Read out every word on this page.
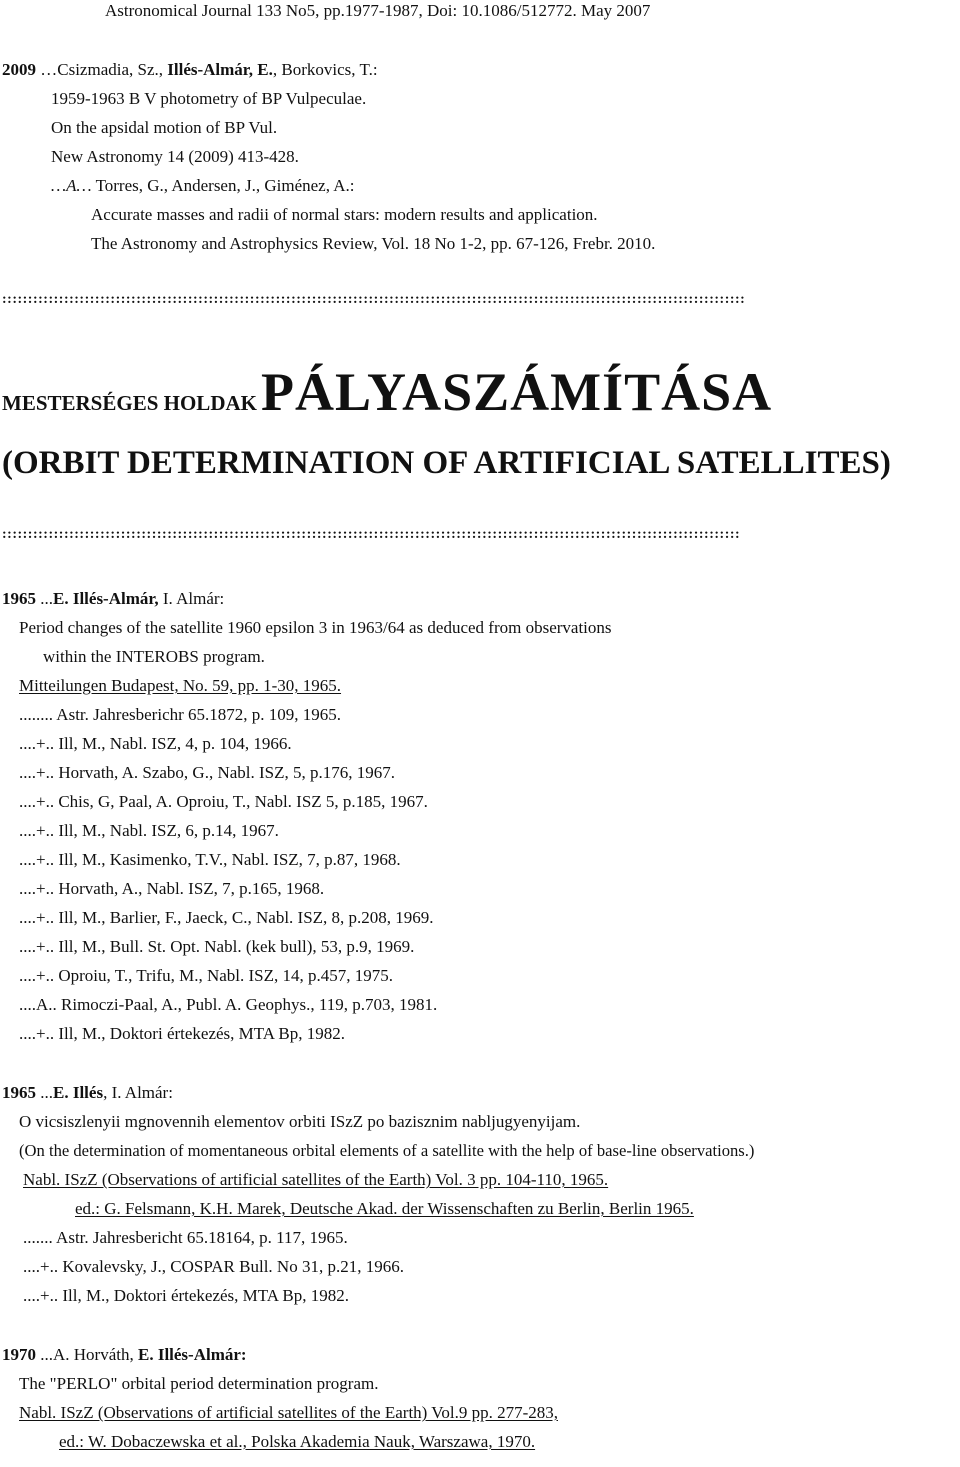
Astronomical Journal 133 No5, pp.1977-1987, Doi: 10.1086/512772. May 2007
2009 …Csizmadia, Sz., Illés-Almár, E., Borkovics, T.:
1959-1963 B V photometry of BP Vulpeculae.
On the apsidal motion of BP Vul.
New Astronomy 14 (2009) 413-428.
…A… Torres, G., Andersen, J., Giménez, A.:
Accurate masses and radii of normal stars: modern results and application.
The Astronomy and Astrophysics Review, Vol. 18 No 1-2, pp. 67-126, Frebr. 2010.
::::::::::::::::::::::::::::::::::::::::::::::::::::::::::::::::::::::::::::::::::::::::::::::::::::::::::::::::::::::::::::::::::::::::::::::::
MESTERSÉGES HOLDAK PÁLYASZÁMÍTÁSA
(ORBIT DETERMINATION OF ARTIFICIAL SATELLITES)
:::::::::::::::::::::::::::::::::::::::::::::::::::::::::::::::::::::::::::::::::::::::::::::::::::::::::::::::::::::::::::::::::::::::::::::::
1965 ...E. Illés-Almár, I. Almár:
Period changes of the satellite 1960 epsilon 3 in 1963/64 as deduced from observations
within the INTEROBS program.
Mitteilungen Budapest, No. 59, pp. 1-30, 1965.
........ Astr. Jahresberichr 65.1872, p. 109, 1965.
....+.. Ill, M., Nabl. ISZ, 4, p. 104, 1966.
....+.. Horvath, A. Szabo, G., Nabl. ISZ, 5, p.176, 1967.
....+.. Chis, G, Paal, A. Oproiu, T., Nabl. ISZ 5, p.185, 1967.
....+.. Ill, M., Nabl. ISZ, 6, p.14, 1967.
....+.. Ill, M., Kasimenko, T.V., Nabl. ISZ, 7, p.87, 1968.
....+.. Horvath, A., Nabl. ISZ, 7, p.165, 1968.
....+.. Ill, M., Barlier, F., Jaeck, C., Nabl. ISZ, 8, p.208, 1969.
....+.. Ill, M., Bull. St. Opt. Nabl. (kek bull), 53, p.9, 1969.
....+.. Oproiu, T., Trifu, M., Nabl. ISZ, 14, p.457, 1975.
....A.. Rimoczi-Paal, A., Publ. A. Geophys., 119, p.703, 1981.
....+.. Ill, M., Doktori értekezés, MTA Bp, 1982.
1965 ...E. Illés, I. Almár:
O vicsiszlenyii mgnovennih elementov orbiti ISzZ po bazisznim nabljugyenyijam.
(On the determination of momentaneous orbital elements of a satellite with the help of base-line observations.)
Nabl. ISzZ (Observations of artificial satellites of the Earth) Vol. 3 pp. 104-110, 1965.
ed.: G. Felsmann, K.H. Marek, Deutsche Akad. der Wissenschaften zu Berlin, Berlin 1965.
....... Astr. Jahresbericht 65.18164, p. 117, 1965.
....+.. Kovalevsky, J., COSPAR Bull. No 31, p.21, 1966.
....+.. Ill, M., Doktori értekezés, MTA Bp, 1982.
1970 ...A. Horváth, E. Illés-Almár:
The "PERLO" orbital period determination program.
Nabl. ISzZ (Observations of artificial satellites of the Earth) Vol.9 pp. 277-283,
ed.: W. Dobaczewska et al., Polska Akademia Nauk, Warszawa, 1970.
